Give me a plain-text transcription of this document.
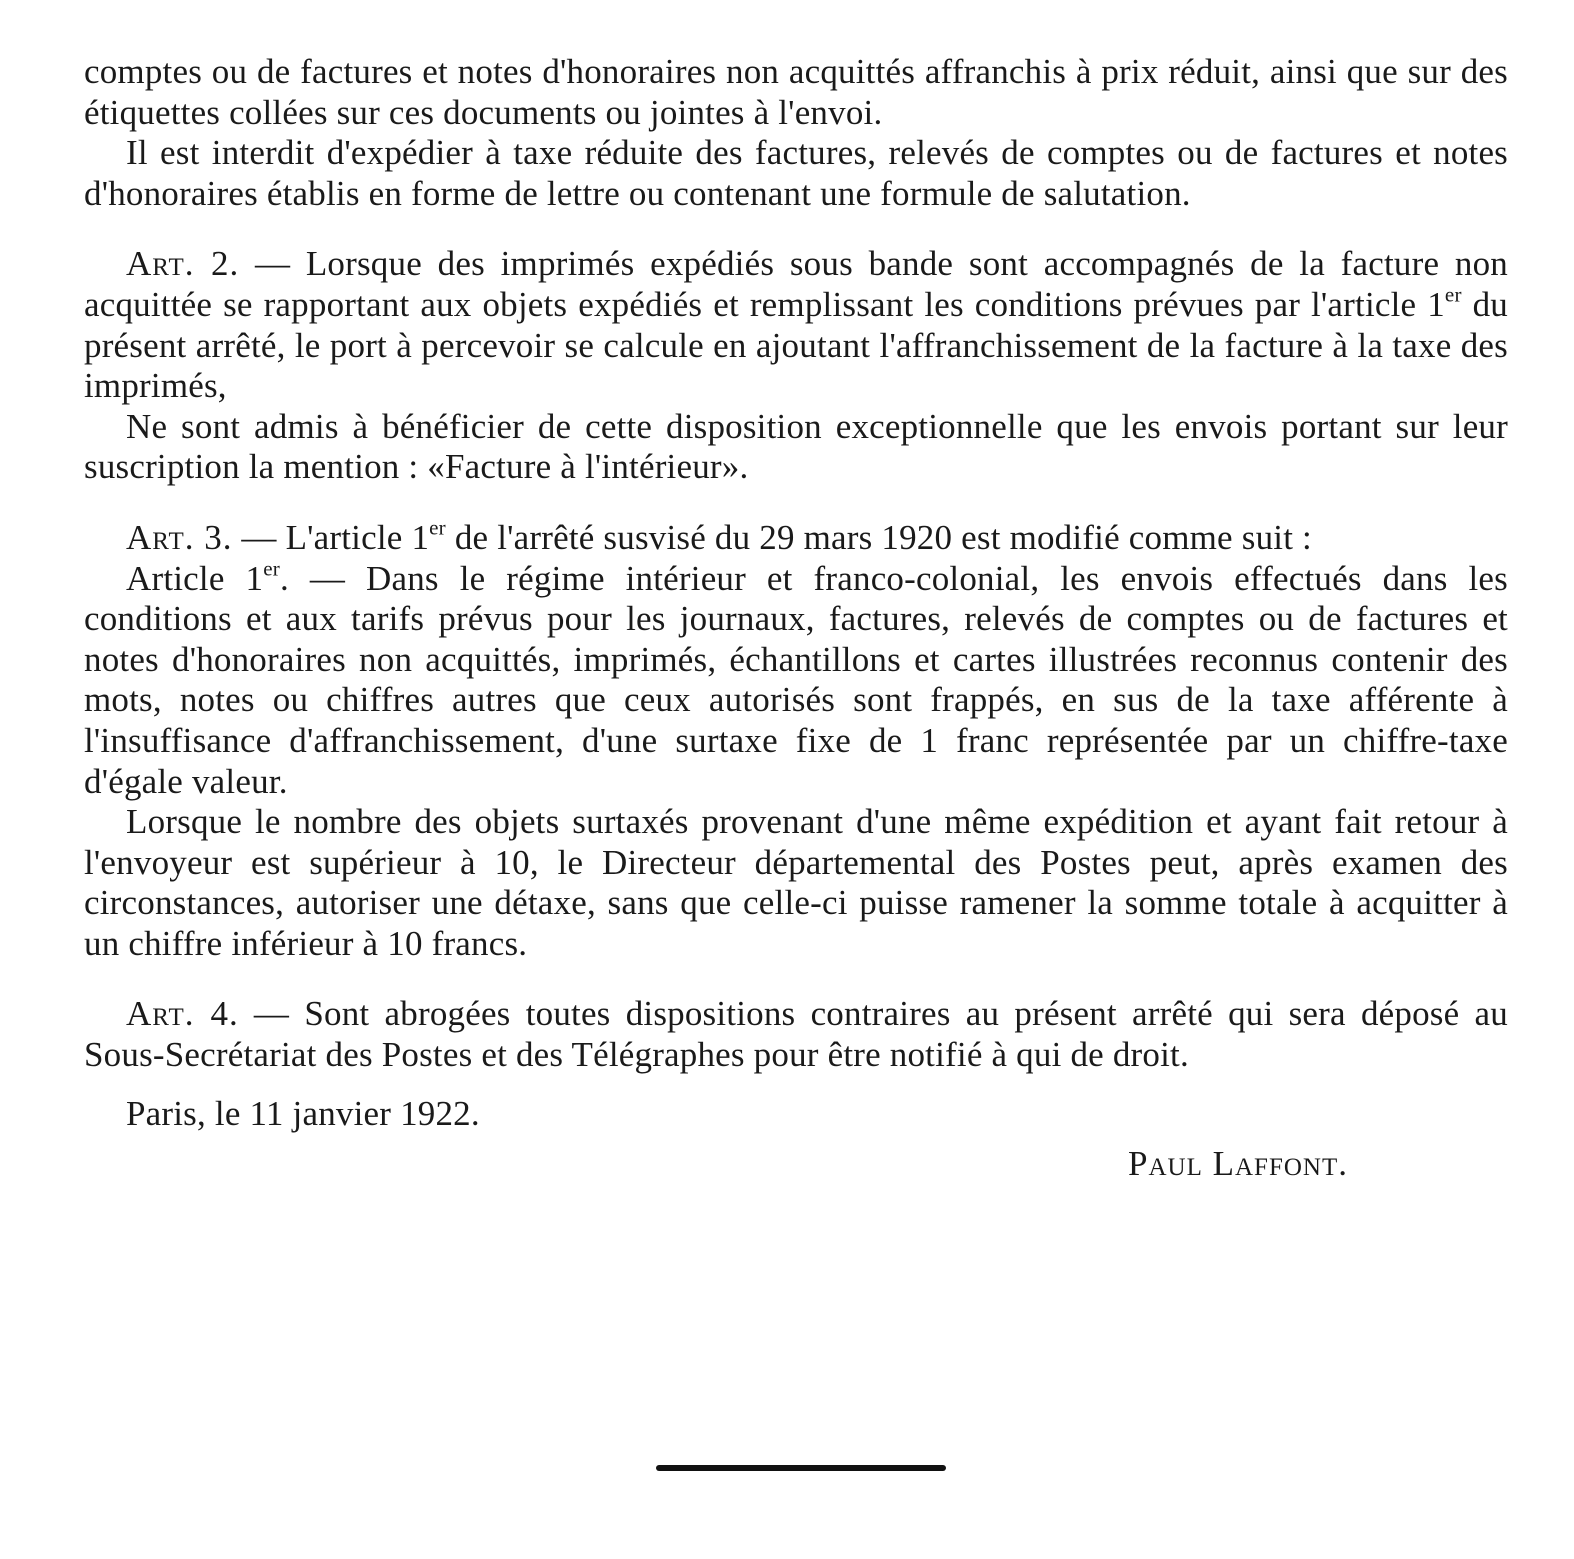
comptes ou de factures et notes d'honoraires non acquittés affranchis à prix réduit, ainsi que sur des étiquettes collées sur ces documents ou jointes à l'envoi.

Il est interdit d'expédier à taxe réduite des factures, relevés de comptes ou de factures et notes d'honoraires établis en forme de lettre ou contenant une formule de salutation.

Art. 2. — Lorsque des imprimés expédiés sous bande sont accompagnés de la facture non acquittée se rapportant aux objets expédiés et remplissant les conditions prévues par l'article 1er du présent arrêté, le port à percevoir se calcule en ajoutant l'affranchissement de la facture à la taxe des imprimés,

Ne sont admis à bénéficier de cette disposition exceptionnelle que les envois portant sur leur suscription la mention : «Facture à l'intérieur».

Art. 3. — L'article 1er de l'arrêté susvisé du 29 mars 1920 est modifié comme suit :

Article 1er. — Dans le régime intérieur et franco-colonial, les envois effectués dans les conditions et aux tarifs prévus pour les journaux, factures, relevés de comptes ou de factures et notes d'honoraires non acquittés, imprimés, échantillons et cartes illustrées reconnus contenir des mots, notes ou chiffres autres que ceux autorisés sont frappés, en sus de la taxe afférente à l'insuffisance d'affranchissement, d'une surtaxe fixe de 1 franc représentée par un chiffre-taxe d'égale valeur.

Lorsque le nombre des objets surtaxés provenant d'une même expédition et ayant fait retour à l'envoyeur est supérieur à 10, le Directeur départemental des Postes peut, après examen des circonstances, autoriser une détaxe, sans que celle-ci puisse ramener la somme totale à acquitter à un chiffre inférieur à 10 francs.

Art. 4. — Sont abrogées toutes dispositions contraires au présent arrêté qui sera déposé au Sous-Secrétariat des Postes et des Télégraphes pour être notifié à qui de droit.

Paris, le 11 janvier 1922.

Paul Laffont.
